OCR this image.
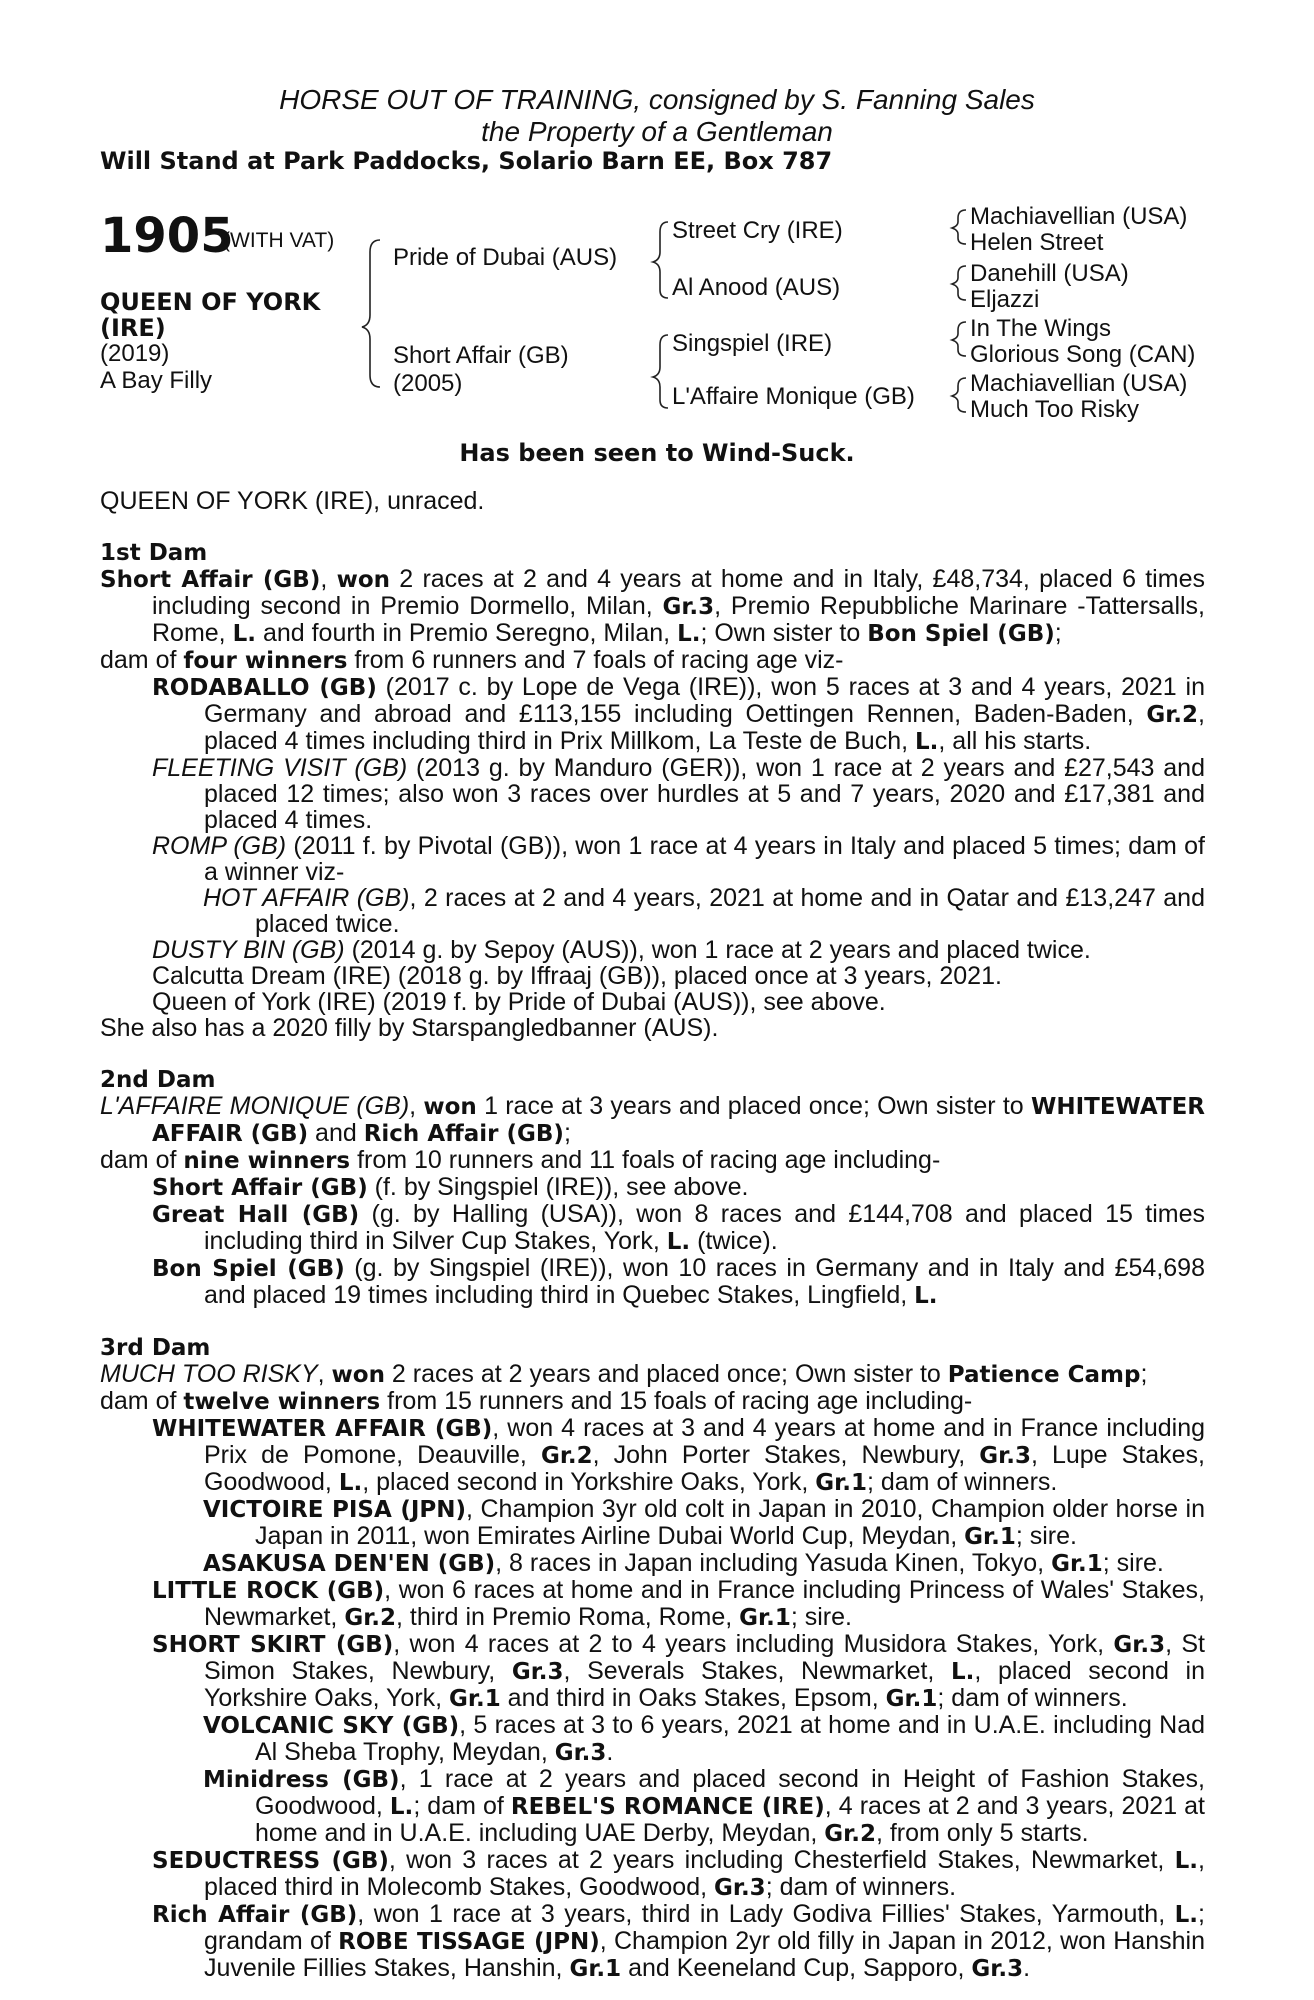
HORSE OUT OF TRAINING, consigned by S. Fanning Sales
the Property of a Gentleman
Will Stand at Park Paddocks, Solario Barn EE, Box 787
1905
(WITH VAT)
QUEEN OF YORK
(IRE)
(2019)
A Bay Filly
Pride of Dubai (AUS)
Short Affair (GB)
(2005)
Street Cry (IRE)
Al Anood (AUS)
Singspiel (IRE)
L'Affaire Monique (GB)
Machiavellian (USA)
Helen Street
Danehill (USA)
Eljazzi
In The Wings
Glorious Song (CAN)
Machiavellian (USA)
Much Too Risky
Has been seen to Wind-Suck.
QUEEN OF YORK (IRE), unraced.
1st Dam
Short Affair (GB), won 2 races at 2 and 4 years at home and in Italy, £48,734, placed 6 times including second in Premio Dormello, Milan, Gr.3, Premio Repubbliche Marinare -Tattersalls, Rome, L. and fourth in Premio Seregno, Milan, L.; Own sister to Bon Spiel (GB);
dam of four winners from 6 runners and 7 foals of racing age viz-
RODABALLO (GB) (2017 c. by Lope de Vega (IRE)), won 5 races at 3 and 4 years, 2021 in Germany and abroad and £113,155 including Oettingen Rennen, Baden-Baden, Gr.2, placed 4 times including third in Prix Millkom, La Teste de Buch, L., all his starts.
FLEETING VISIT (GB) (2013 g. by Manduro (GER)), won 1 race at 2 years and £27,543 and placed 12 times; also won 3 races over hurdles at 5 and 7 years, 2020 and £17,381 and placed 4 times.
ROMP (GB) (2011 f. by Pivotal (GB)), won 1 race at 4 years in Italy and placed 5 times; dam of a winner viz-
HOT AFFAIR (GB), 2 races at 2 and 4 years, 2021 at home and in Qatar and £13,247 and placed twice.
DUSTY BIN (GB) (2014 g. by Sepoy (AUS)), won 1 race at 2 years and placed twice.
Calcutta Dream (IRE) (2018 g. by Iffraaj (GB)), placed once at 3 years, 2021.
Queen of York (IRE) (2019 f. by Pride of Dubai (AUS)), see above.
She also has a 2020 filly by Starspangledbanner (AUS).
2nd Dam
L'AFFAIRE MONIQUE (GB), won 1 race at 3 years and placed once; Own sister to WHITEWATER AFFAIR (GB) and Rich Affair (GB);
dam of nine winners from 10 runners and 11 foals of racing age including-
Short Affair (GB) (f. by Singspiel (IRE)), see above.
Great Hall (GB) (g. by Halling (USA)), won 8 races and £144,708 and placed 15 times including third in Silver Cup Stakes, York, L. (twice).
Bon Spiel (GB) (g. by Singspiel (IRE)), won 10 races in Germany and in Italy and £54,698 and placed 19 times including third in Quebec Stakes, Lingfield, L.
3rd Dam
MUCH TOO RISKY, won 2 races at 2 years and placed once; Own sister to Patience Camp;
dam of twelve winners from 15 runners and 15 foals of racing age including-
WHITEWATER AFFAIR (GB), won 4 races at 3 and 4 years at home and in France including Prix de Pomone, Deauville, Gr.2, John Porter Stakes, Newbury, Gr.3, Lupe Stakes, Goodwood, L., placed second in Yorkshire Oaks, York, Gr.1; dam of winners.
VICTOIRE PISA (JPN), Champion 3yr old colt in Japan in 2010, Champion older horse in Japan in 2011, won Emirates Airline Dubai World Cup, Meydan, Gr.1; sire.
ASAKUSA DEN'EN (GB), 8 races in Japan including Yasuda Kinen, Tokyo, Gr.1; sire.
LITTLE ROCK (GB), won 6 races at home and in France including Princess of Wales' Stakes, Newmarket, Gr.2, third in Premio Roma, Rome, Gr.1; sire.
SHORT SKIRT (GB), won 4 races at 2 to 4 years including Musidora Stakes, York, Gr.3, St Simon Stakes, Newbury, Gr.3, Severals Stakes, Newmarket, L., placed second in Yorkshire Oaks, York, Gr.1 and third in Oaks Stakes, Epsom, Gr.1; dam of winners.
VOLCANIC SKY (GB), 5 races at 3 to 6 years, 2021 at home and in U.A.E. including Nad Al Sheba Trophy, Meydan, Gr.3.
Minidress (GB), 1 race at 2 years and placed second in Height of Fashion Stakes, Goodwood, L.; dam of REBEL'S ROMANCE (IRE), 4 races at 2 and 3 years, 2021 at home and in U.A.E. including UAE Derby, Meydan, Gr.2, from only 5 starts.
SEDUCTRESS (GB), won 3 races at 2 years including Chesterfield Stakes, Newmarket, L., placed third in Molecomb Stakes, Goodwood, Gr.3; dam of winners.
Rich Affair (GB), won 1 race at 3 years, third in Lady Godiva Fillies' Stakes, Yarmouth, L.; grandam of ROBE TISSAGE (JPN), Champion 2yr old filly in Japan in 2012, won Hanshin Juvenile Fillies Stakes, Hanshin, Gr.1 and Keeneland Cup, Sapporo, Gr.3.
